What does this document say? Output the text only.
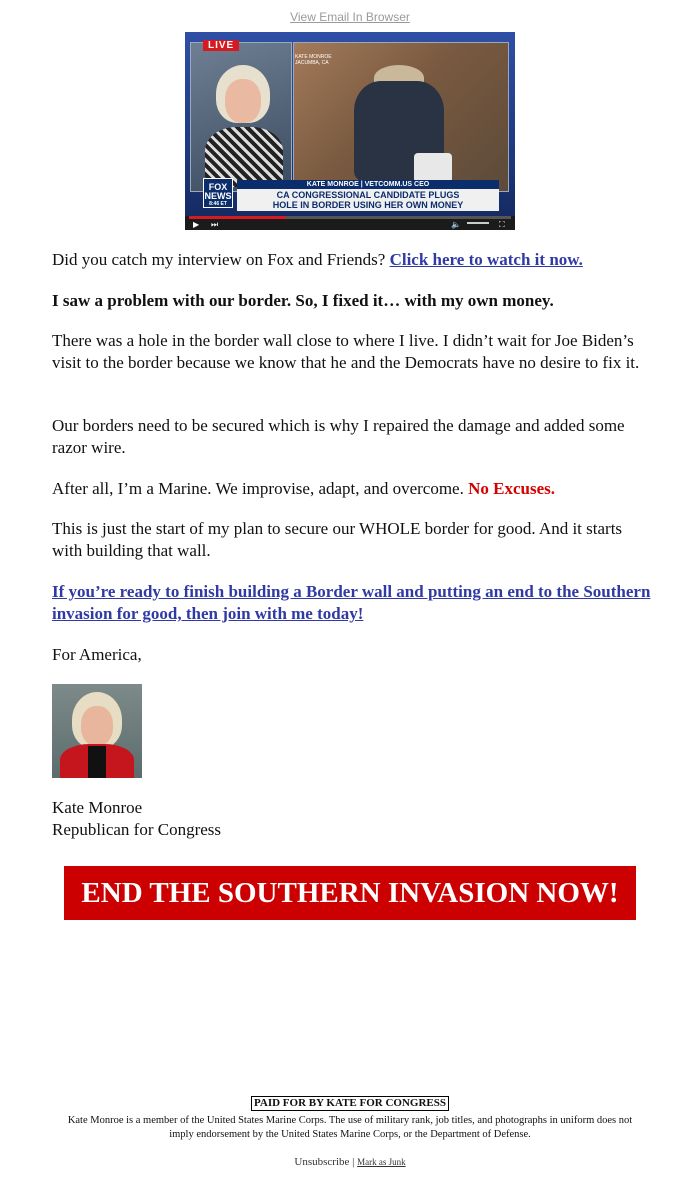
View Email In Browser
LIVE
KATE MONROE
JACUMBA, CA
FOX
NEWS
8:46 ET
KATE MONROE | VETCOMM.US CEO
CA CONGRESSIONAL CANDIDATE PLUGS
HOLE IN BORDER USING HER OWN MONEY
▶ ⏭	🔈	⛶

Did you catch my interview on Fox and Friends? Click here to watch it now.

I saw a problem with our border. So, I fixed it… with my own money.

There was a hole in the border wall close to where I live. I didn’t wait for Joe Biden’s visit to the border because we know that he and the Democrats have no desire to fix it.

Our borders need to be secured which is why I repaired the damage and added some razor wire.

After all, I’m a Marine. We improvise, adapt, and overcome. No Excuses.

This is just the start of my plan to secure our WHOLE border for good. And it starts with building that wall.

If you’re ready to finish building a Border wall and putting an end to the Southern invasion for good, then join with me today!

For America,

Kate Monroe

Republican for Congress

END THE SOUTHERN INVASION NOW!
PAID FOR BY KATE FOR CONGRESS
Kate Monroe is a member of the United States Marine Corps. The use of military rank, job titles, and photographs in uniform does not imply endorsement by the United States Marine Corps, or the Department of Defense.
Unsubscribe | Mark as Junk
